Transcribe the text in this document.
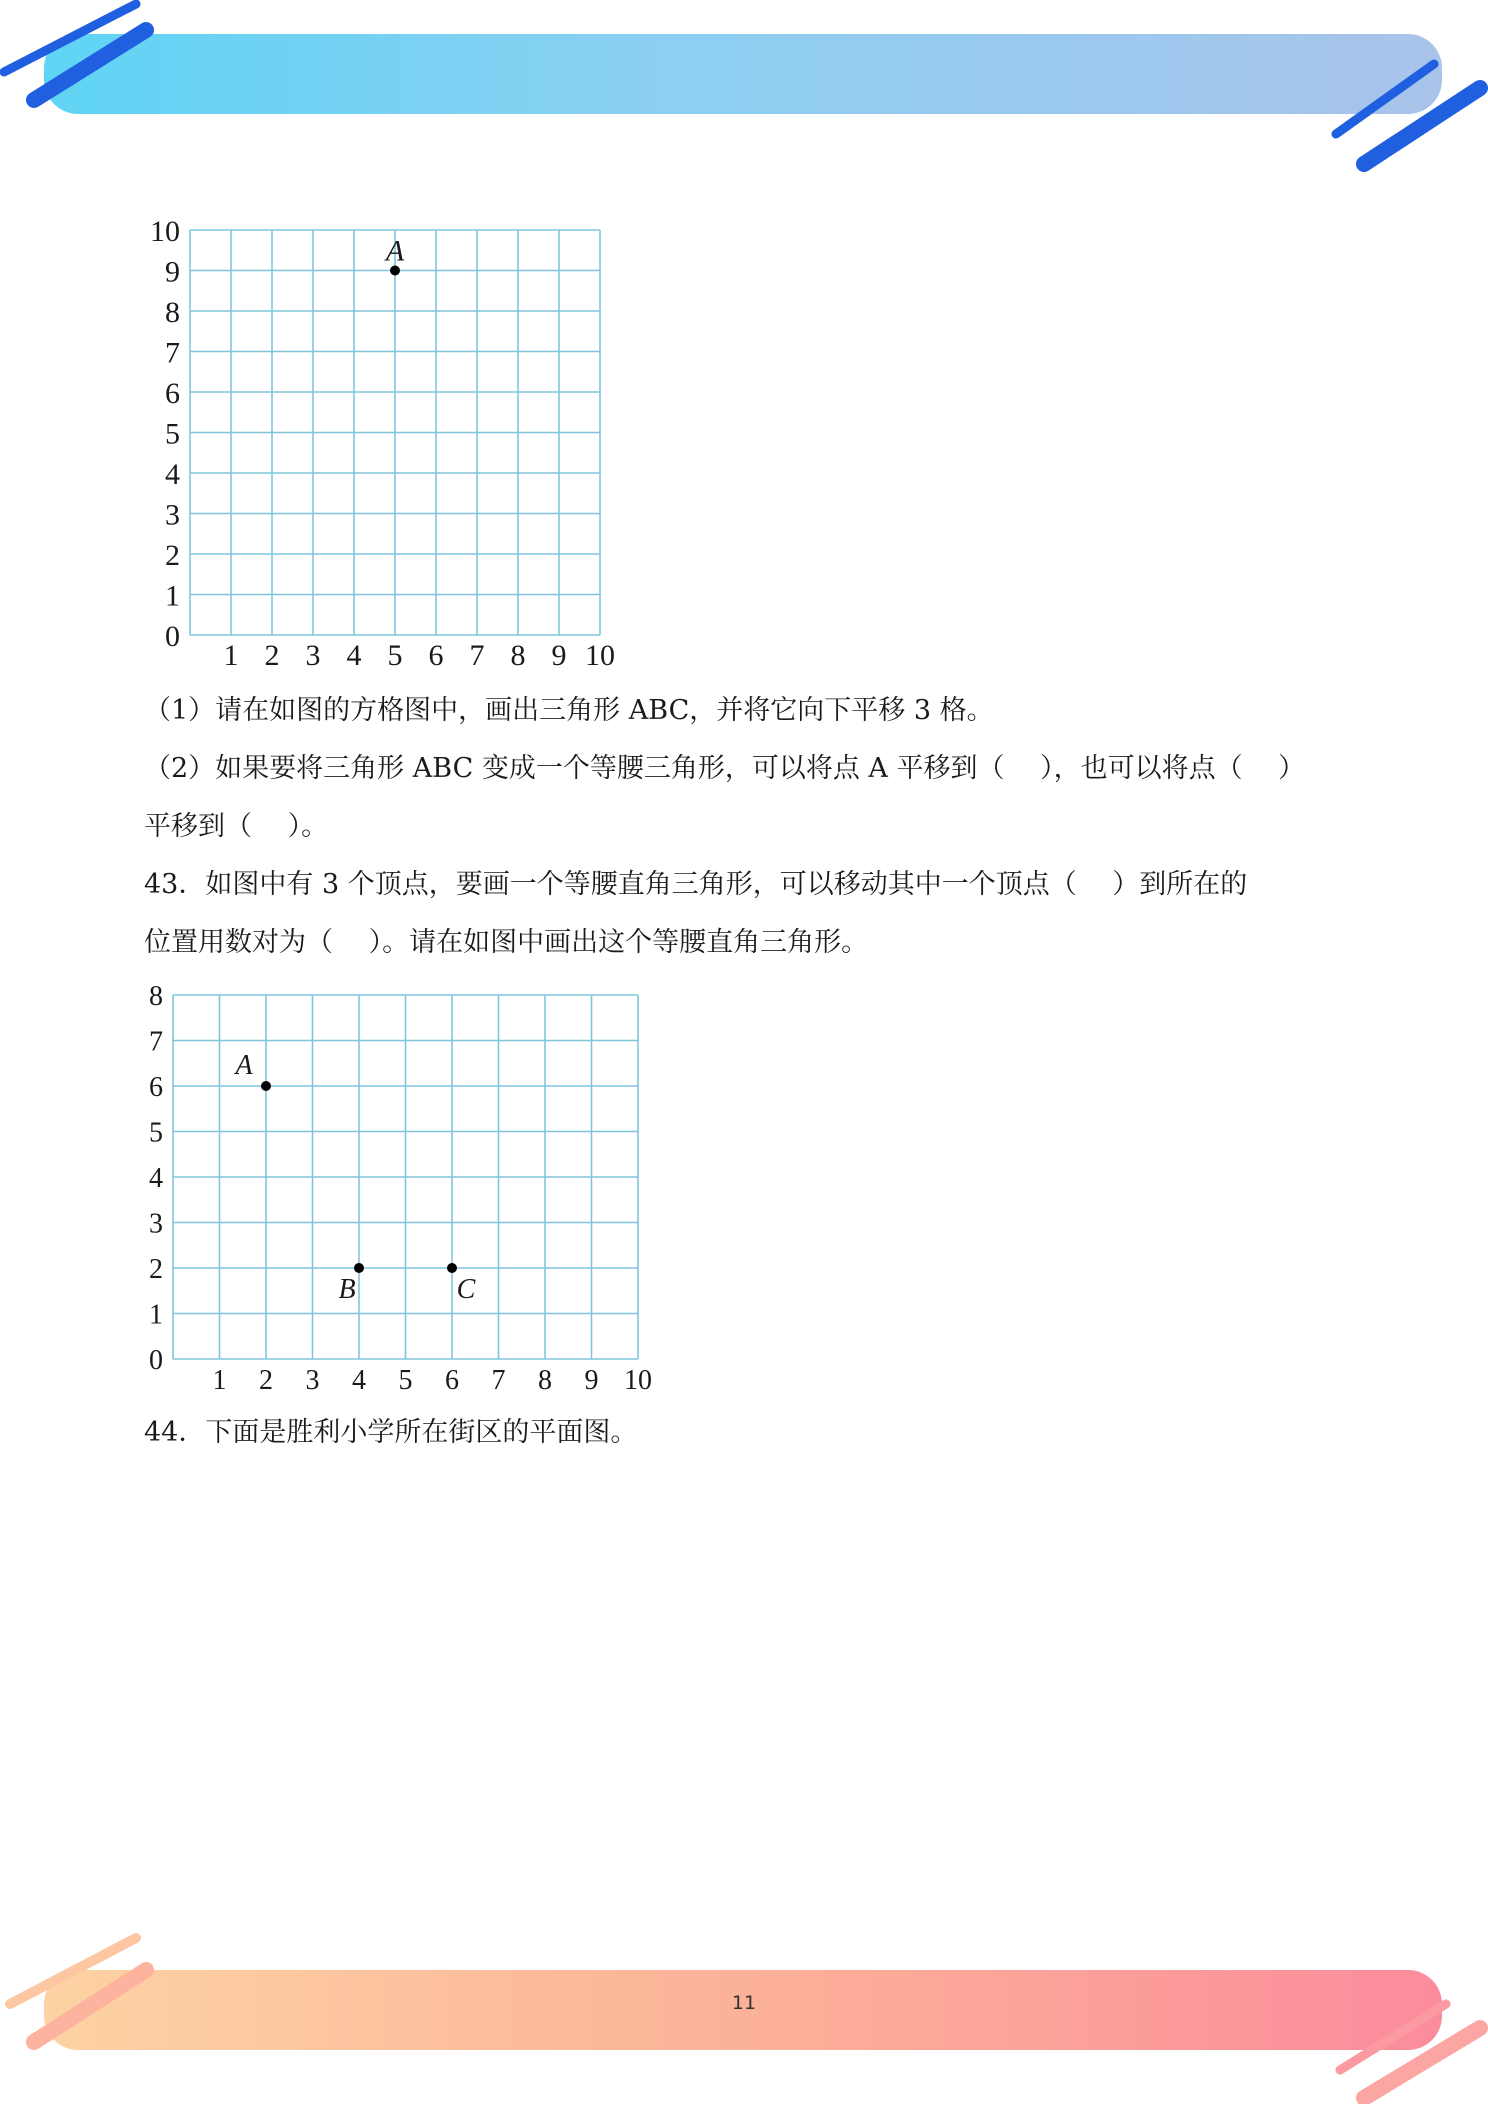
11
1 2 3 4 5 6 7 8 9 10
0
1
2
3
4
5
6
7
8
9
10
A
（1）请在如图的方格图中，画出三角形 ABC，并将它向下平移 3 格。
（2）如果要将三角形 ABC 变成一个等腰三角形，可以将点 A 平移到（　 ），也可以将点（　 ）
平移到（　 ）。
43．如图中有 3 个顶点，要画一个等腰直角三角形，可以移动其中一个顶点（　 ）到所在的
位置用数对为（　 ）。请在如图中画出这个等腰直角三角形。
1 2 3 4 5 6 7 8 9 10
0
1
2
3
4
5
6
7
8
A
B	C
44．下面是胜利小学所在街区的平面图。
